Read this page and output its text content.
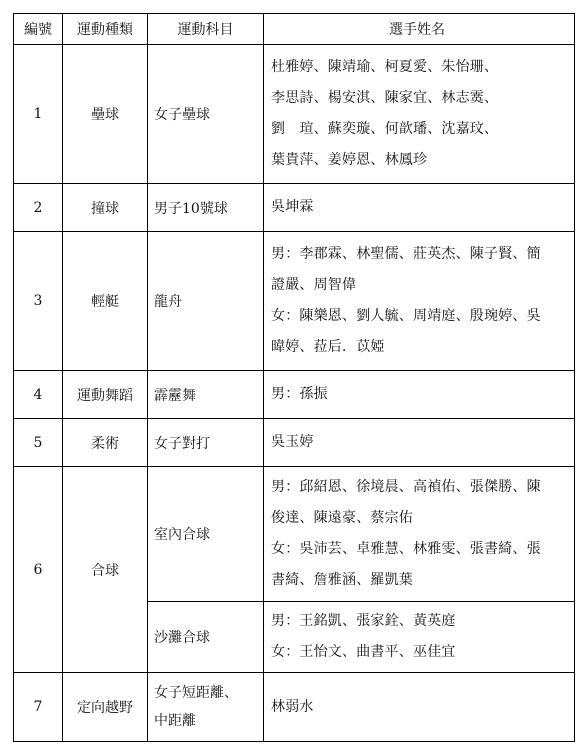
編號	運動種類	運動科目	選手姓名
1	壘球	女子壘球	杜雅婷、陳靖瑜、柯夏愛、朱怡珊、
李思詩、楊安淇、陳家宜、林志霙、
劉　瑄、蘇奕璇、何歆璠、沈嘉玟、
葉貴萍、姜婷恩、林鳳珍

2	撞球	男子10號球	吳坤霖

3	輕艇	龍舟	男：李郡霖、林聖儒、莊英杰、陳子賢、簡
證嚴、周智偉
女：陳樂恩、劉人毓、周靖庭、殷琬婷、吳
暐婷、菈后．苡婭

4	運動舞蹈	霹靂舞	男：孫振

5	柔術	女子對打	吳玉婷

6	合球	室內合球	男：邱紹恩、徐境晨、高禎佑、張傑勝、陳
俊達、陳遠豪、蔡宗佑
女：吳沛芸、卓雅慧、林雅雯、張書綺、張
書綺、詹雅涵、羅凱葉

		沙灘合球	男：王銘凱、張家銓、黃英庭
女：王怡文、曲書平、巫佳宜

7	定向越野	女子短距離、
中距離	林弱水
